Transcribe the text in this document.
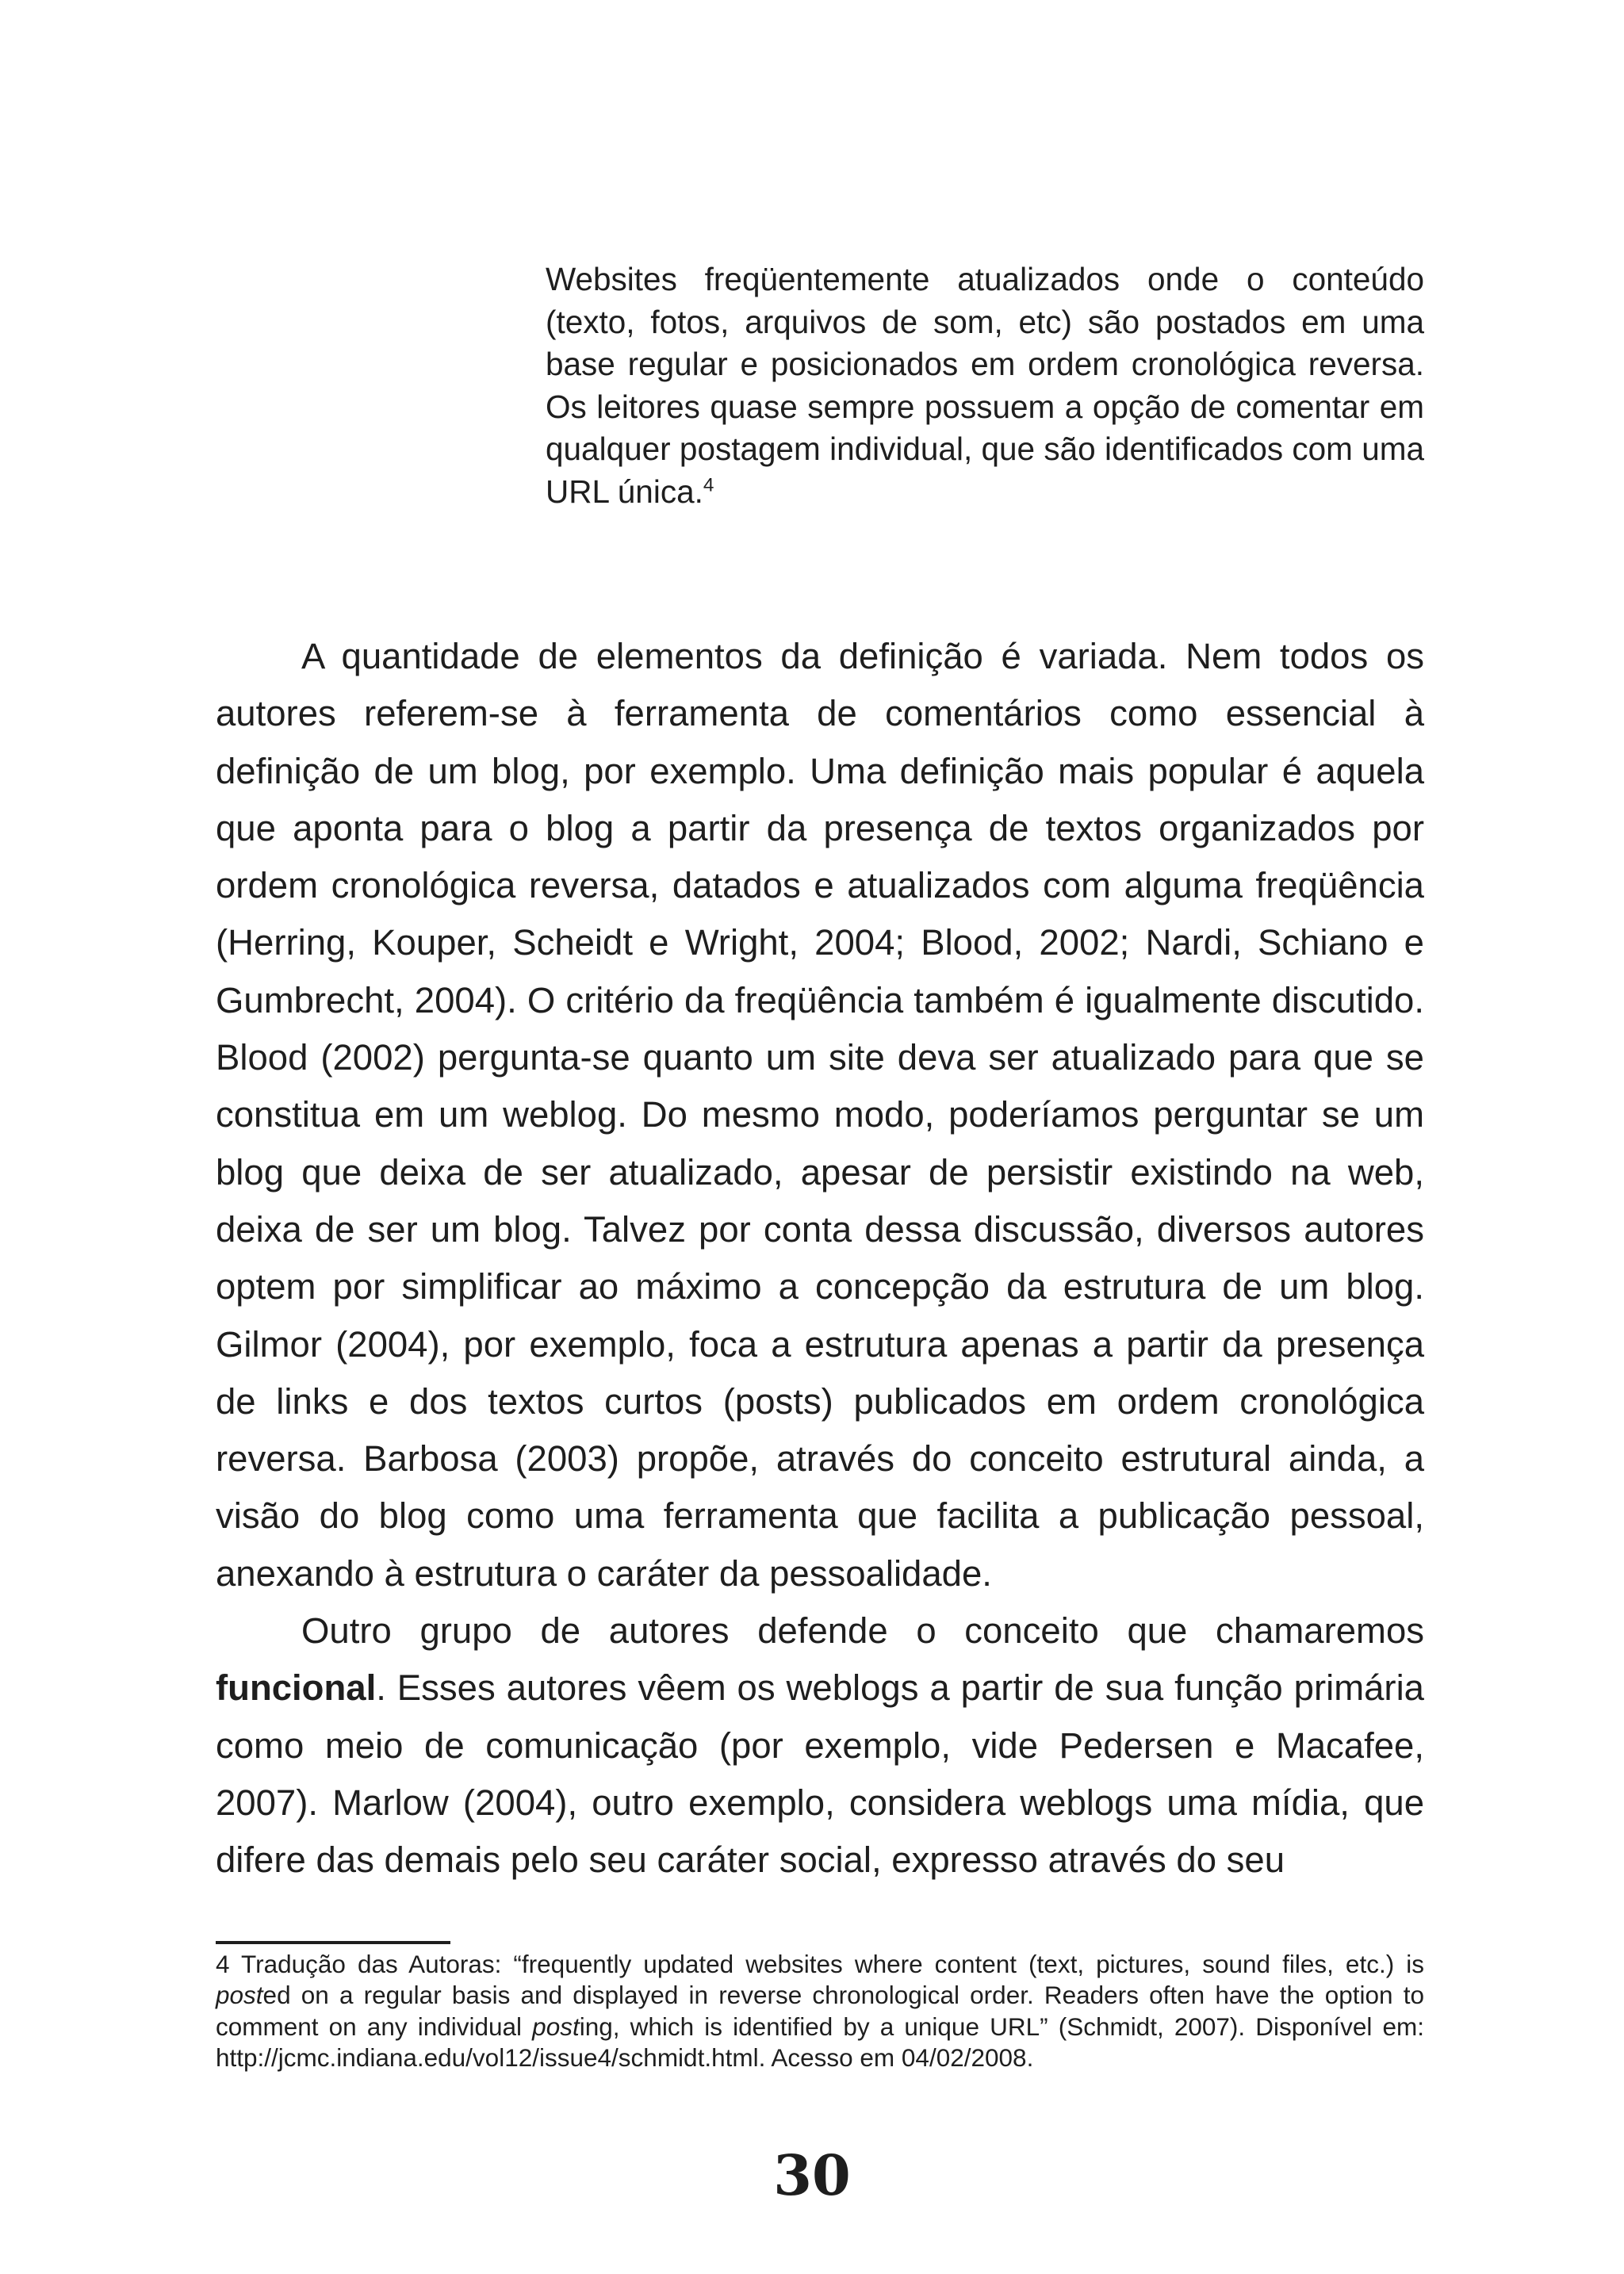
Websites freqüentemente atualizados onde o conteúdo (texto, fotos, arquivos de som, etc) são postados em uma base regular e posicionados em ordem cronológica reversa. Os leitores quase sempre possuem a opção de comentar em qualquer postagem individual, que são identificados com uma URL única.$^4$

A quantidade de elementos da definição é variada. Nem todos os autores referem-se à ferramenta de comentários como essencial à definição de um blog, por exemplo. Uma definição mais popular é aquela que aponta para o blog a partir da presença de textos organizados por ordem cronológica reversa, datados e atualizados com alguma freqüência (Herring, Kouper, Scheidt e Wright, 2004; Blood, 2002; Nardi, Schiano e Gumbrecht, 2004). O critério da freqüência também é igualmente discutido. Blood (2002) pergunta-se quanto um site deva ser atualizado para que se constitua em um weblog. Do mesmo modo, poderíamos perguntar se um blog que deixa de ser atualizado, apesar de persistir existindo na web, deixa de ser um blog. Talvez por conta dessa discussão, diversos autores optem por simplificar ao máximo a concepção da estrutura de um blog. Gilmor (2004), por exemplo, foca a estrutura apenas a partir da presença de links e dos textos curtos (posts) publicados em ordem cronológica reversa. Barbosa (2003) propõe, através do conceito estrutural ainda, a visão do blog como uma ferramenta que facilita a publicação pessoal, anexando à estrutura o caráter da pessoalidade.

Outro grupo de autores defende o conceito que chamaremos funcional. Esses autores vêem os weblogs a partir de sua função primária como meio de comunicação (por exemplo, vide Pedersen e Macafee, 2007). Marlow (2004), outro exemplo, considera weblogs uma mídia, que difere das demais pelo seu caráter social, expresso através do seu

4 Tradução das Autoras: “frequently updated websites where content (text, pictures, sound files, etc.) is posted on a regular basis and displayed in reverse chronological order. Readers often have the option to comment on any individual posting, which is identified by a unique URL” (Schmidt, 2007). Disponível em: http://jcmc.indiana.edu/vol12/issue4/schmidt.html. Acesso em 04/02/2008.
30
